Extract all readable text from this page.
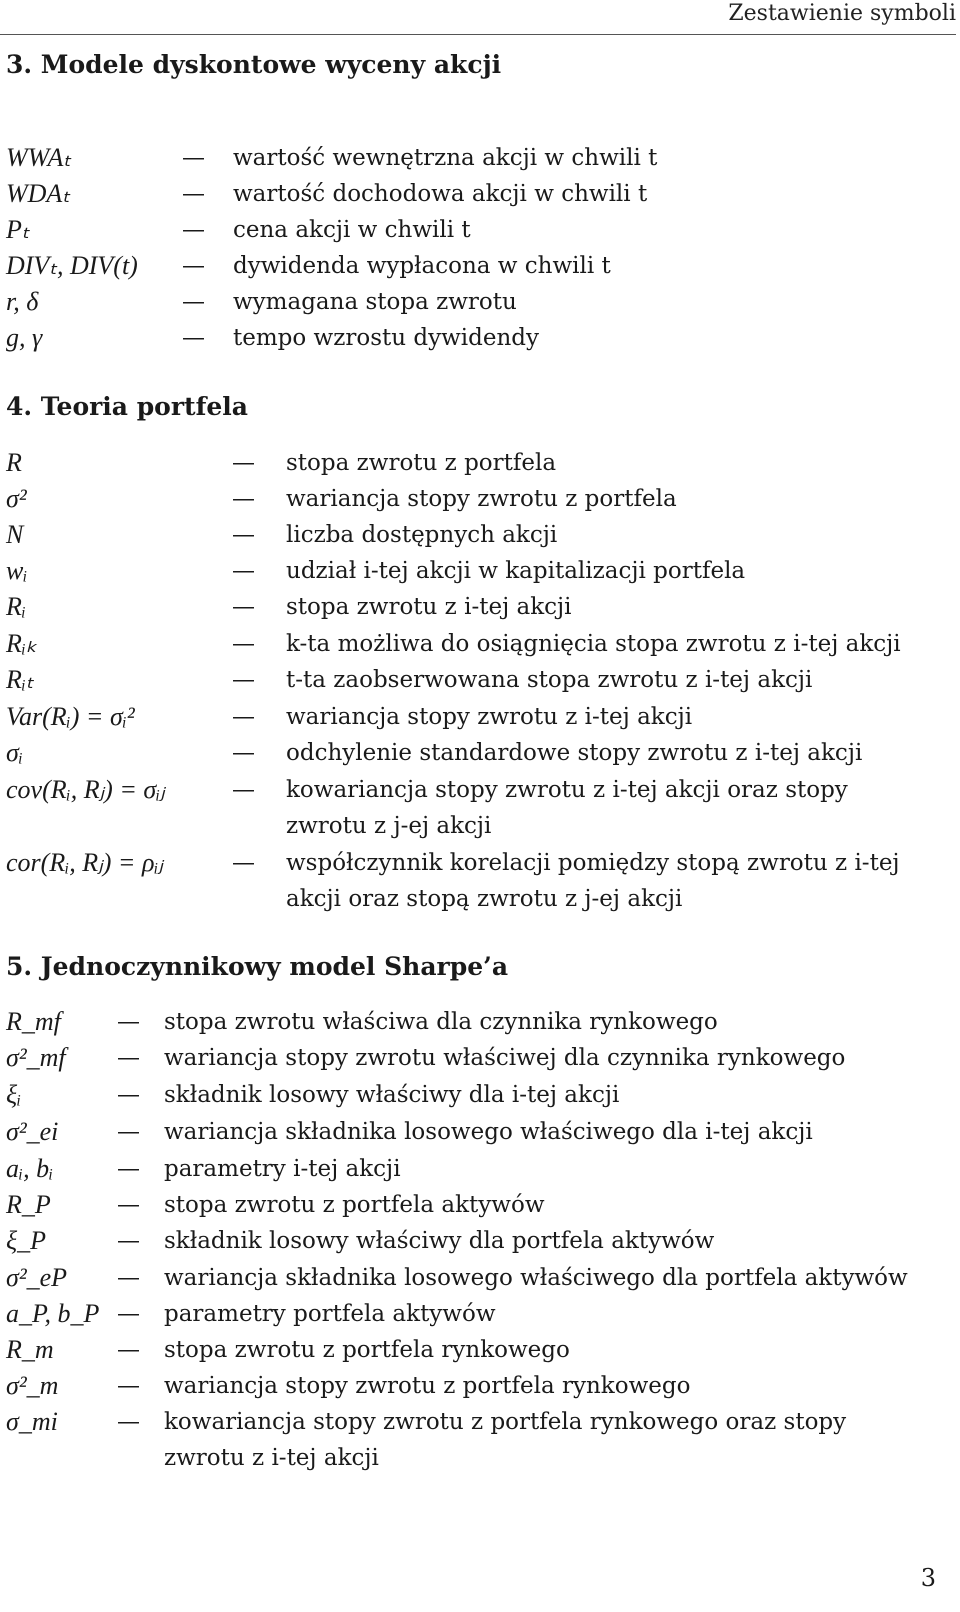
Zestawienie symboli
3. Modele dyskontowe wyceny akcji
WWAₜ	— wartość wewnętrzna akcji w chwili t
WDAₜ	— wartość dochodowa akcji w chwili t
Pₜ	— cena akcji w chwili t
DIVₜ, DIV(t) — dywidenda wypłacona w chwili t
r, δ	— wymagana stopa zwrotu
g, γ	— tempo wzrostu dywidendy
4. Teoria portfela
R	— stopa zwrotu z portfela
σ²	— wariancja stopy zwrotu z portfela
N	— liczba dostępnych akcji
wᵢ	— udział i-tej akcji w kapitalizacji portfela
Rᵢ	— stopa zwrotu z i-tej akcji
Rᵢₖ	— k-ta możliwa do osiągnięcia stopa zwrotu z i-tej akcji
Rᵢₜ	— t-ta zaobserwowana stopa zwrotu z i-tej akcji
Var(Rᵢ) = σᵢ²	— wariancja stopy zwrotu z i-tej akcji
σᵢ	— odchylenie standardowe stopy zwrotu z i-tej akcji
cov(Rᵢ, Rⱼ) = σᵢⱼ	— kowariancja stopy zwrotu z i-tej akcji oraz stopy zwrotu z j-ej akcji
cor(Rᵢ, Rⱼ) = ρᵢⱼ	— współczynnik korelacji pomiędzy stopą zwrotu z i-tej akcji oraz stopą zwrotu z j-ej akcji
5. Jednoczynnikowy model Sharpe’a
R_mf — stopa zwrotu właściwa dla czynnika rynkowego
σ²_mf — wariancja stopy zwrotu właściwej dla czynnika rynkowego
ξᵢ	— składnik losowy właściwy dla i-tej akcji
σ²_ei	— wariancja składnika losowego właściwego dla i-tej akcji
aᵢ, bᵢ	— parametry i-tej akcji
R_P	— stopa zwrotu z portfela aktywów
ξ_P	— składnik losowy właściwy dla portfela aktywów
σ²_eP — wariancja składnika losowego właściwego dla portfela aktywów
a_P, b_P — parametry portfela aktywów
R_m	— stopa zwrotu z portfela rynkowego
σ²_m	— wariancja stopy zwrotu z portfela rynkowego
σ_mi	— kowariancja stopy zwrotu z portfela rynkowego oraz stopy zwrotu z i-tej akcji
3
